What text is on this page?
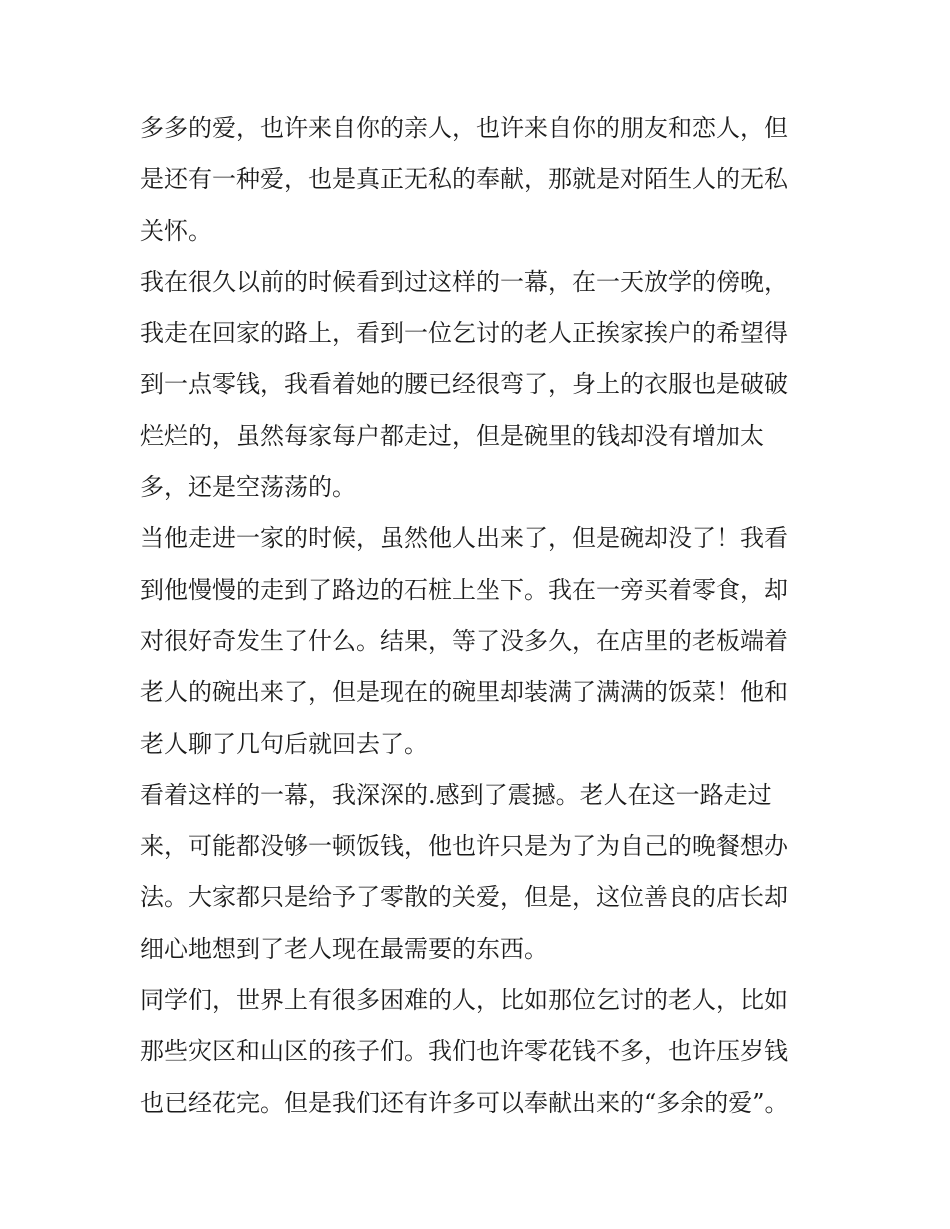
多多的爱，也许来自你的亲人，也许来自你的朋友和恋人，但
是还有一种爱，也是真正无私的奉献，那就是对陌生人的无私
关怀。

我在很久以前的时候看到过这样的一幕，在一天放学的傍晚，
我走在回家的路上，看到一位乞讨的老人正挨家挨户的希望得
到一点零钱，我看着她的腰已经很弯了，身上的衣服也是破破
烂烂的，虽然每家每户都走过，但是碗里的钱却没有增加太
多，还是空荡荡的。

当他走进一家的时候，虽然他人出来了，但是碗却没了！我看
到他慢慢的走到了路边的石桩上坐下。我在一旁买着零食，却
对很好奇发生了什么。结果，等了没多久，在店里的老板端着
老人的碗出来了，但是现在的碗里却装满了满满的饭菜！他和
老人聊了几句后就回去了。

看着这样的一幕，我深深的.感到了震撼。老人在这一路走过
来，可能都没够一顿饭钱，他也许只是为了为自己的晚餐想办
法。大家都只是给予了零散的关爱，但是，这位善良的店长却
细心地想到了老人现在最需要的东西。

同学们，世界上有很多困难的人，比如那位乞讨的老人，比如
那些灾区和山区的孩子们。我们也许零花钱不多，也许压岁钱
也已经花完。但是我们还有许多可以奉献出来的“多余的爱”。
